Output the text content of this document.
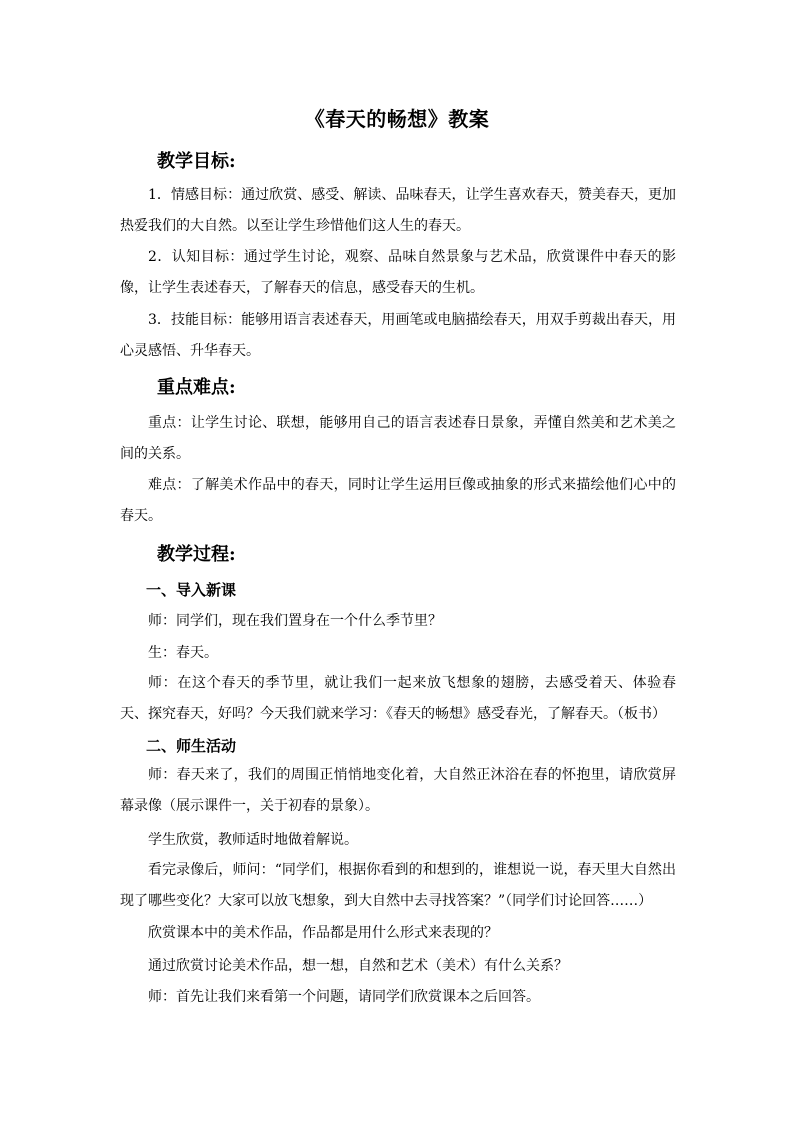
《春天的畅想》教案
教学目标:
1．情感目标：通过欣赏、感受、解读、品味春天，让学生喜欢春天，赞美春天，更加热爱我们的大自然。以至让学生珍惜他们这人生的春天。
2．认知目标：通过学生讨论，观察、品味自然景象与艺术品，欣赏课件中春天的影像，让学生表述春天，了解春天的信息，感受春天的生机。
3．技能目标：能够用语言表述春天，用画笔或电脑描绘春天，用双手剪裁出春天，用心灵感悟、升华春天。
重点难点:
重点：让学生讨论、联想，能够用自己的语言表述春日景象，弄懂自然美和艺术美之间的关系。
难点：了解美术作品中的春天，同时让学生运用巨像或抽象的形式来描绘他们心中的春天。
教学过程:
一、导入新课
师：同学们，现在我们置身在一个什么季节里？
生：春天。
师：在这个春天的季节里，就让我们一起来放飞想象的翅膀，去感受着天、体验春天、探究春天，好吗？今天我们就来学习：《春天的畅想》感受春光，了解春天。（板书）
二、师生活动
师：春天来了，我们的周围正悄悄地变化着，大自然正沐浴在春的怀抱里，请欣赏屏幕录像（展示课件一，关于初春的景象）。
学生欣赏，教师适时地做着解说。
看完录像后，师问：“同学们，根据你看到的和想到的，谁想说一说，春天里大自然出现了哪些变化？大家可以放飞想象，到大自然中去寻找答案？”（同学们讨论回答……）
欣赏课本中的美术作品，作品都是用什么形式来表现的？
通过欣赏讨论美术作品，想一想，自然和艺术（美术）有什么关系？
师：首先让我们来看第一个问题，请同学们欣赏课本之后回答。
